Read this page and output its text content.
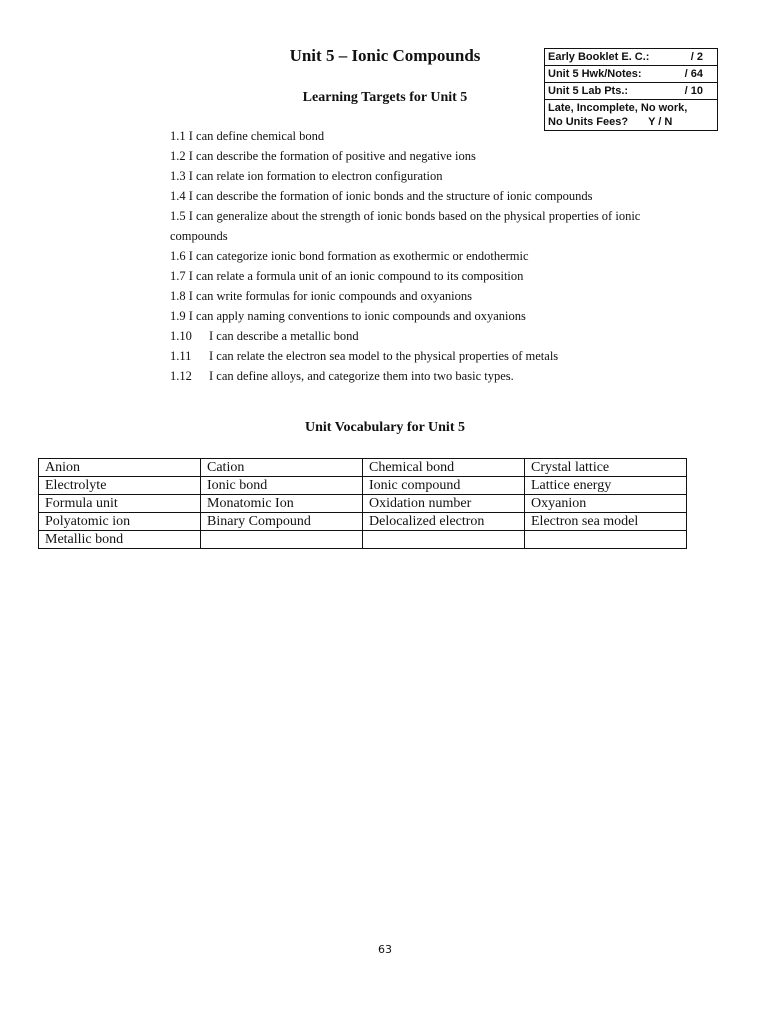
Unit 5 – Ionic Compounds
Learning Targets for Unit 5
Early Booklet E. C.:	/ 2
Unit 5 Hwk/Notes:	/ 64
Unit 5 Lab Pts.:	/ 10
Late, Incomplete, No work,
No Units Fees? Y / N
1.1
I can define chemical bond
1.2
I can describe the formation of positive and negative ions
1.3
I can relate ion formation to electron configuration
1.4
I can describe the formation of ionic bonds and the structure of ionic compounds
1.5
I can generalize about the strength of ionic bonds based on the physical properties of ionic
compounds
1.6
I can categorize ionic bond formation as exothermic or endothermic
1.7
I can relate a formula unit of an ionic compound to its composition
1.8
I can write formulas for ionic compounds and oxyanions
1.9
I can apply naming conventions to ionic compounds and oxyanions
1.10	I can describe a metallic bond
1.11	I can relate the electron sea model to the physical properties of metals
1.12	I can define alloys, and categorize them into two basic types.
Unit Vocabulary for Unit 5
Anion	Cation	Chemical bond	Crystal lattice
Electrolyte	Ionic bond	Ionic compound	Lattice energy
Formula unit	Monatomic Ion	Oxidation number	Oxyanion
Polyatomic ion	Binary Compound	Delocalized electron	Electron sea model
Metallic bond			
63
